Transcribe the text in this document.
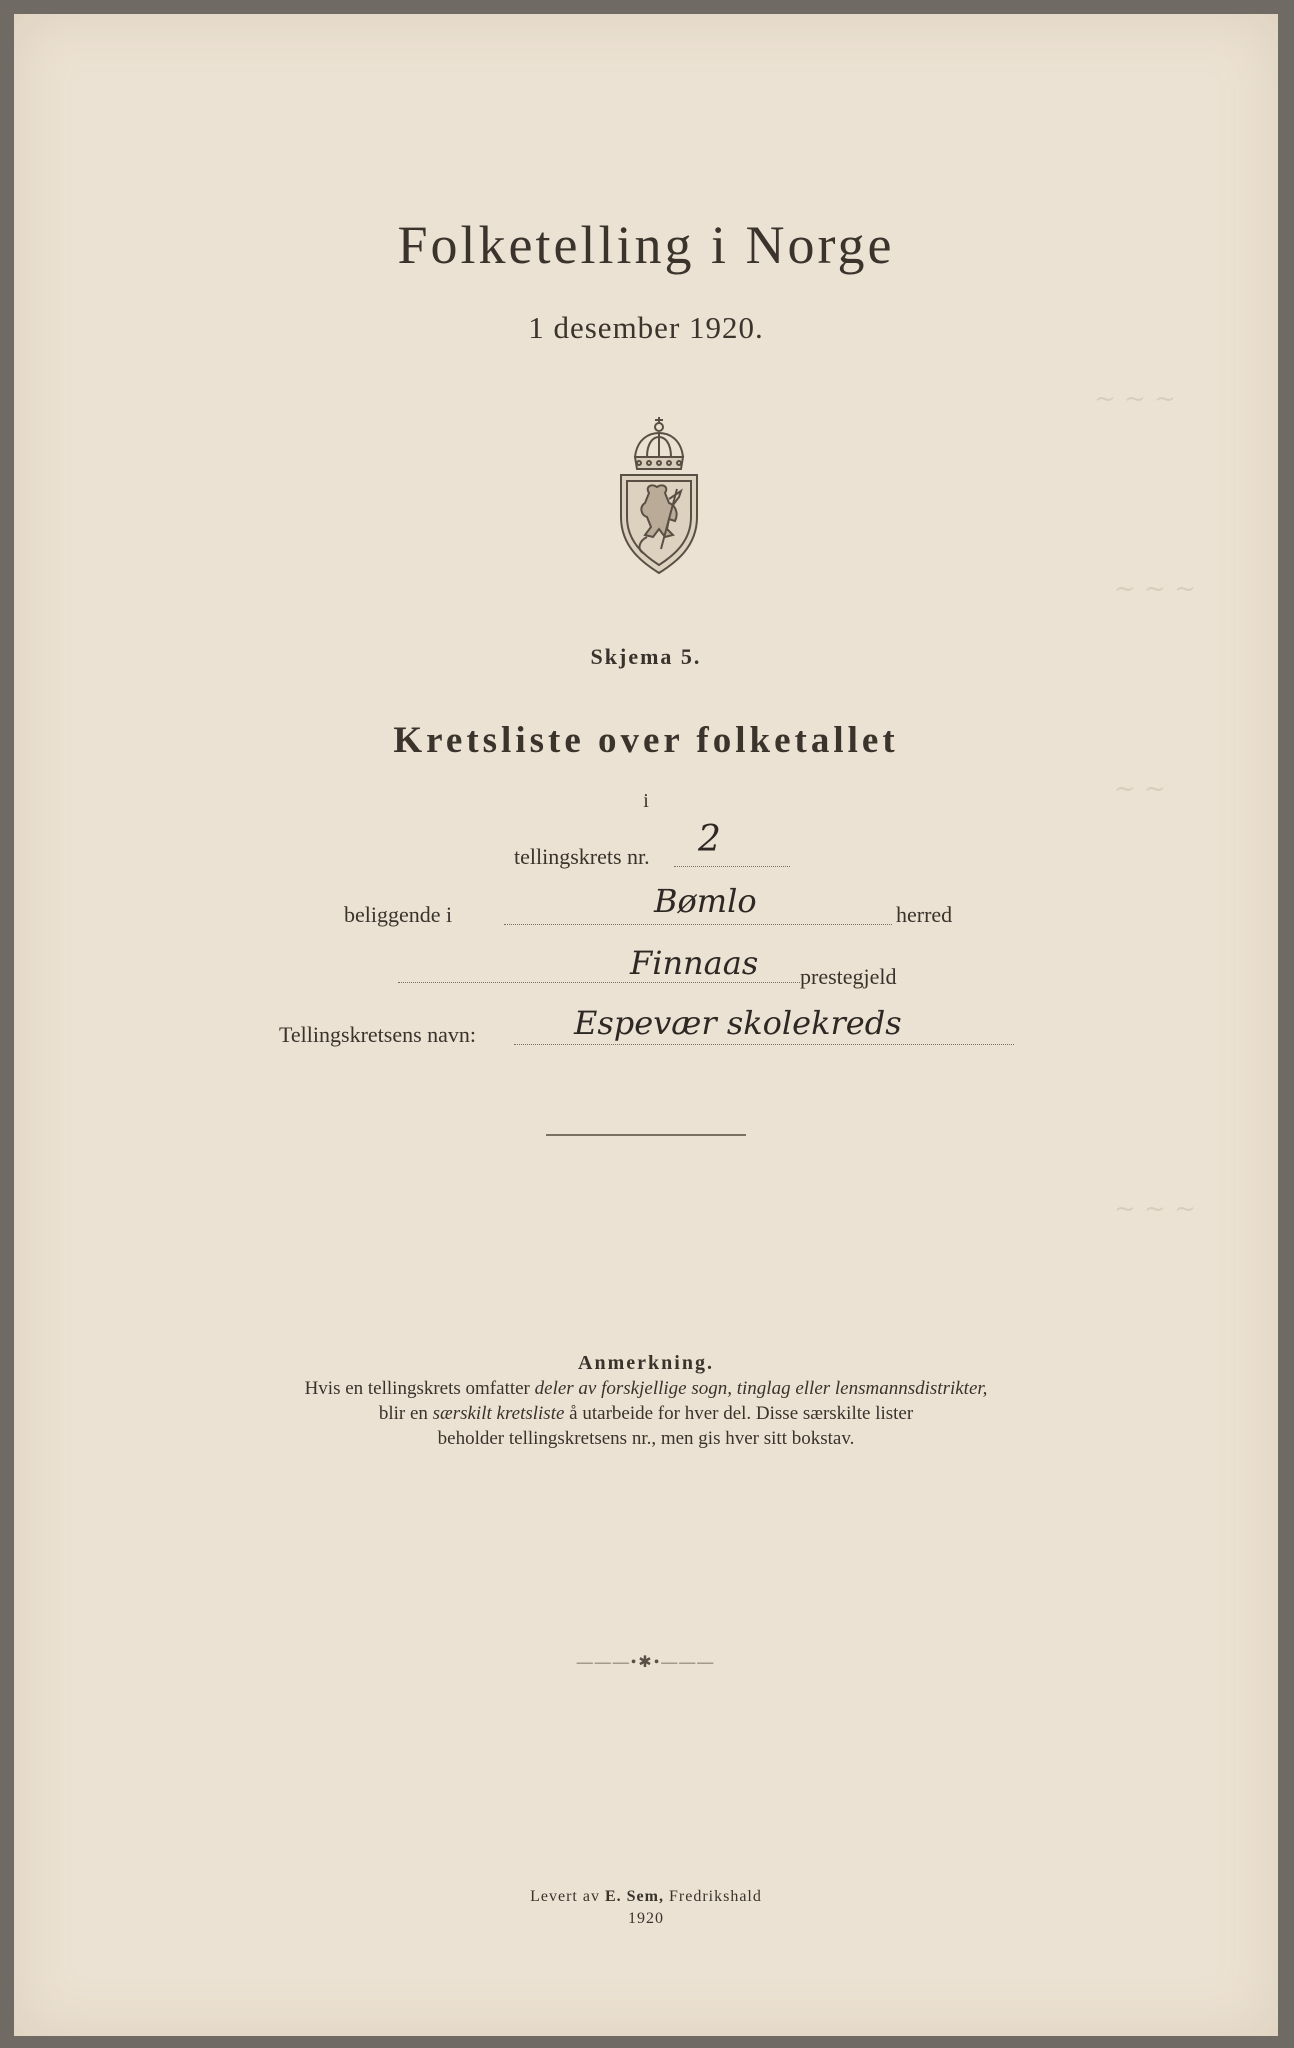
~ ~ ~
~ ~ ~
~ ~
~ ~ ~
Folketelling i Norge
1 desember 1920.
Skjema 5.
Kretsliste over folketallet
i
tellingskrets nr. 2
beliggende i	Bømlo	herred
Finnaas prestegjeld
Tellingskretsens navn:	Espevær skolekreds
Anmerkning.
Hvis en tellingskrets omfatter deler av forskjellige sogn, tinglag eller lensmannsdistrikter,
blir en særskilt kretsliste å utarbeide for hver del. Disse særskilte lister
beholder tellingskretsens nr., men gis hver sitt bokstav.
———•✱•———
Levert av E. Sem, Fredrikshald
1920
